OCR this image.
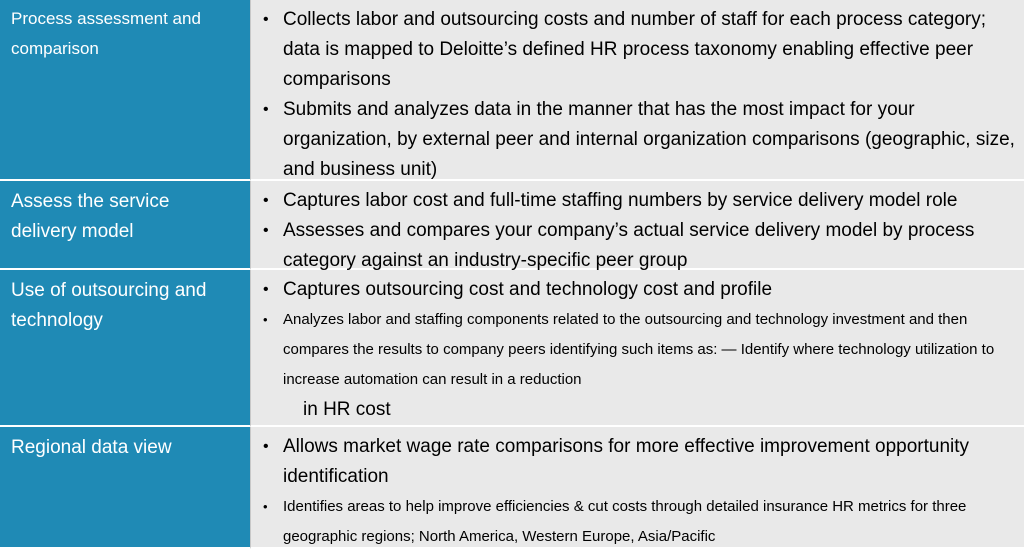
Process assessment and comparison
• Collects labor and outsourcing costs and number of staff for each process category; data is mapped to Deloitte’s defined HR process taxonomy enabling effective peer comparisons
• Submits and analyzes data in the manner that has the most impact for your organization, by external peer and internal organization comparisons (geographic, size, and business unit)
Assess the service delivery model
• Captures labor cost and full-time staffing numbers by service delivery model role
• Assesses and compares your company’s actual service delivery model by process category against an industry-specific peer group
Use of outsourcing and technology
• Captures outsourcing cost and technology cost and profile
• Analyzes labor and staffing components related to the outsourcing and technology investment and then compares the results to company peers identifying such items as: — Identify where technology utilization to increase automation can result in a reduction
in HR cost
Regional data view	• Allows market wage rate comparisons for more effective improvement opportunity identification
• Identifies areas to help improve efficiencies & cut costs through detailed insurance HR metrics for three geographic regions; North America, Western Europe, Asia/Pacific
